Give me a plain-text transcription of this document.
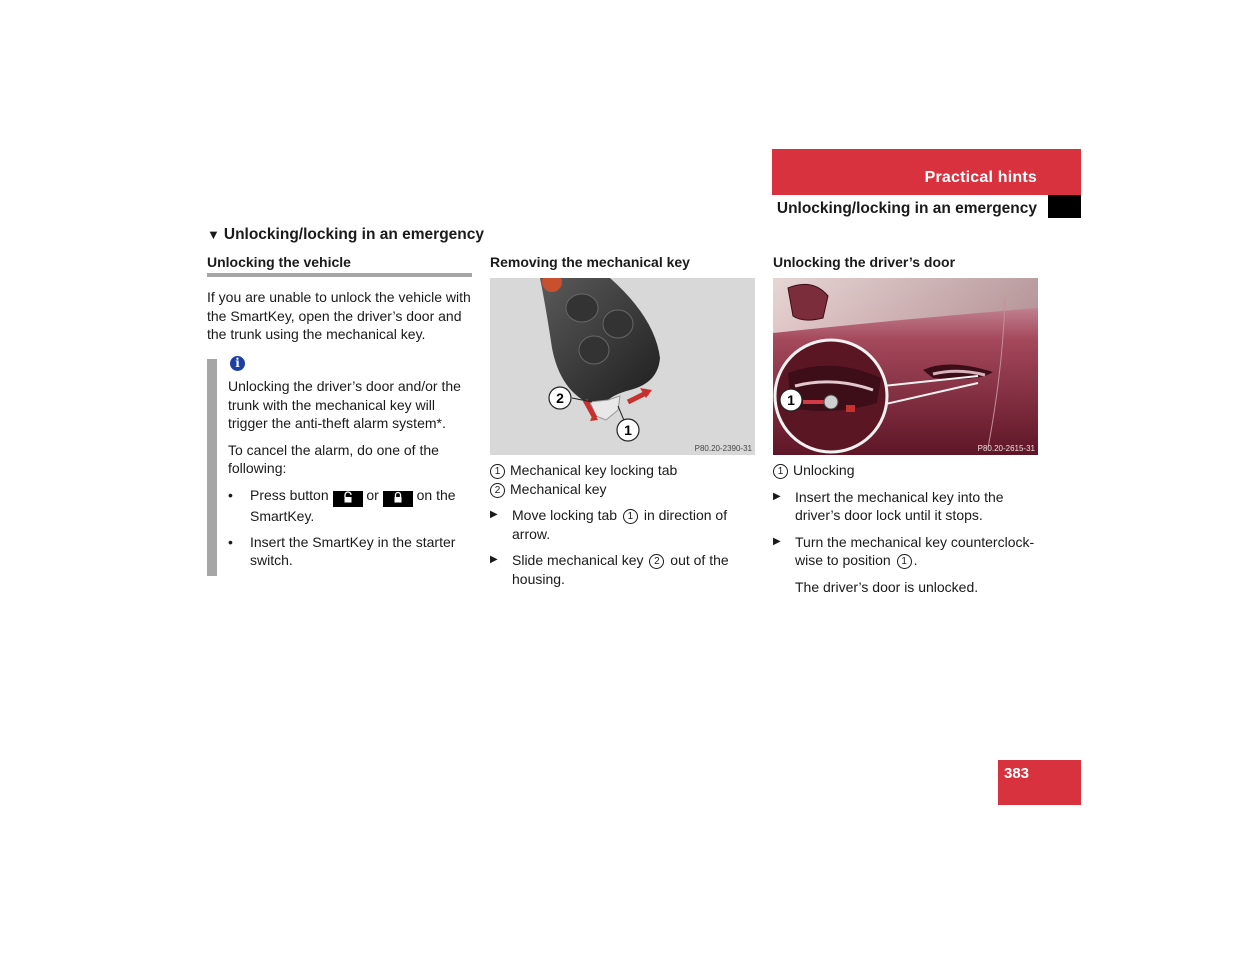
Practical hints
Unlocking/locking in an emergency
▼ Unlocking/locking in an emergency
Unlocking the vehicle
If you are unable to unlock the vehicle with the SmartKey, open the driver’s door and the trunk using the mechanical key.
i

Unlocking the driver’s door and/or the trunk with the mechanical key will trigger the anti-theft alarm system*.

To cancel the alarm, do one of the following:

• Press button	or	on the SmartKey.
• Insert the SmartKey in the starter switch.
Removing the mechanical key
2
1
P80.20-2390-31
1 Mechanical key locking tab
2 Mechanical key
▶ Move locking tab 1 in direction of arrow.
▶ Slide mechanical key 2 out of the housing.
Unlocking the driver’s door
1
P80.20-2615-31
1 Unlocking
▶ Insert the mechanical key into the driver’s door lock until it stops.
▶ Turn the mechanical key counterclock-wise to position 1 .
The driver’s door is unlocked.
383
